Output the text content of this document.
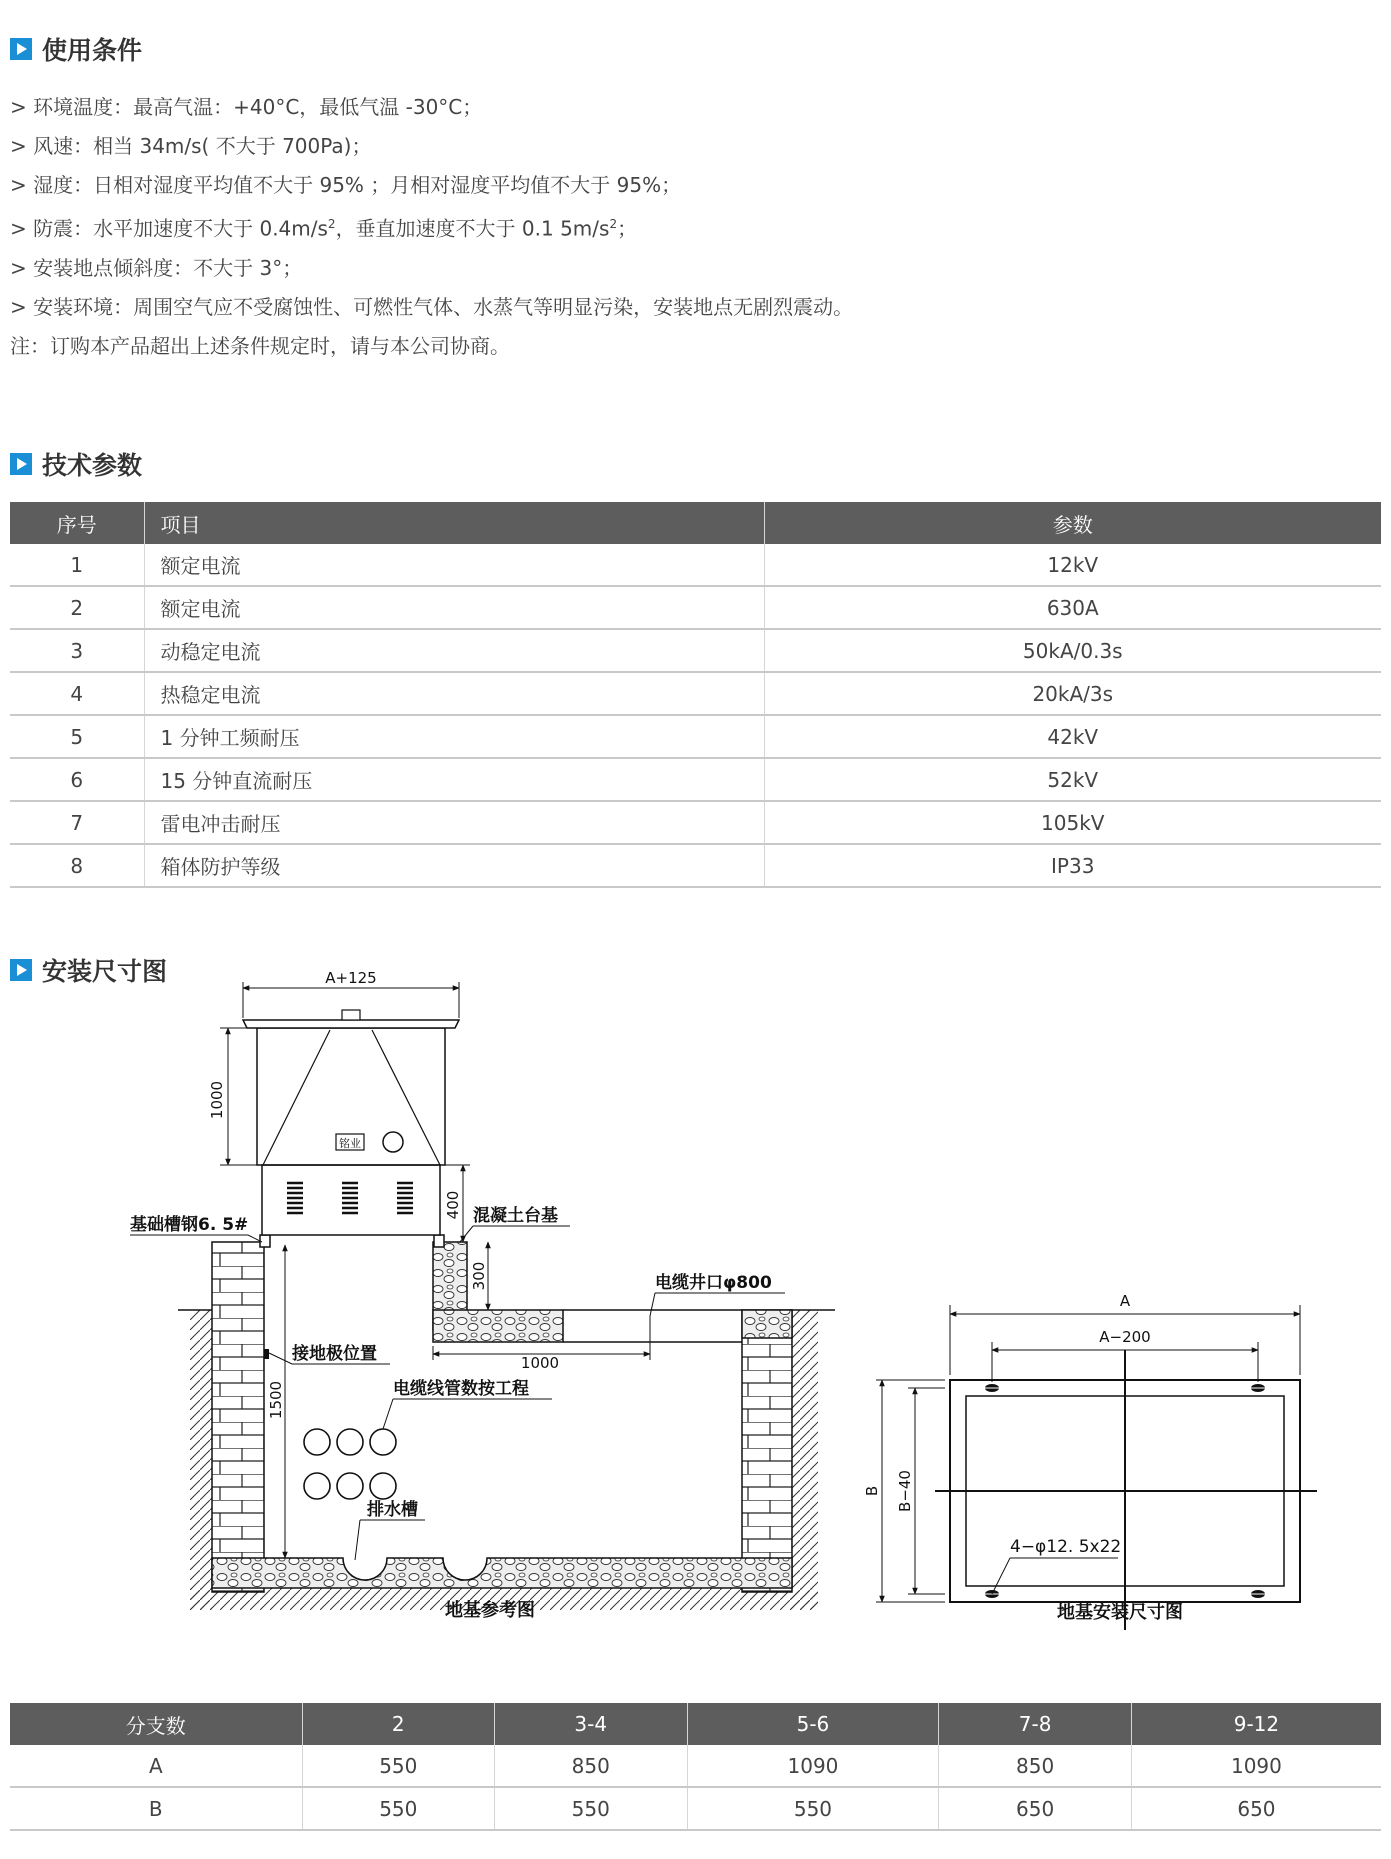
使用条件

> 环境温度：最高气温：+40°C，最低气温 -30°C；

> 风速：相当 34m/s( 不大于 700Pa)；

> 湿度：日相对湿度平均值不大于 95% ；月相对湿度平均值不大于 95%；

> 防震：水平加速度不大于 $0.4m/s^2$，垂直加速度不大于 0.1 $5m/s^2$；

> 安装地点倾斜度：不大于 3°；

> 安装环境：周围空气应不受腐蚀性、可燃性气体、水蒸气等明显污染，安装地点无剧烈震动。

注：订购本产品超出上述条件规定时，请与本公司协商。

技术参数
序号	项目	参数
1	额定电流	12kV
2	额定电流	630A
3	动稳定电流	50kA/0.3s
4	热稳定电流	20kA/3s
5	1 分钟工频耐压	42kV
6	15 分钟直流耐压	52kV
7	雷电冲击耐压	105kV
8	箱体防护等级	IP33
安装尺寸图
铭业
A+125
1000
400
300
1000
1500
基础槽钢6. 5#	混凝土台基
电缆井口φ800
接地极位置
电缆线管数按工程
排水槽
地基参考图
A
A−200
B B−40
4−φ12. 5x22
地基安装尺寸图
分支数	2	3-4	5-6	7-8	9-12
A	550	850	1090	850	1090
B	550	550	550	650	650
